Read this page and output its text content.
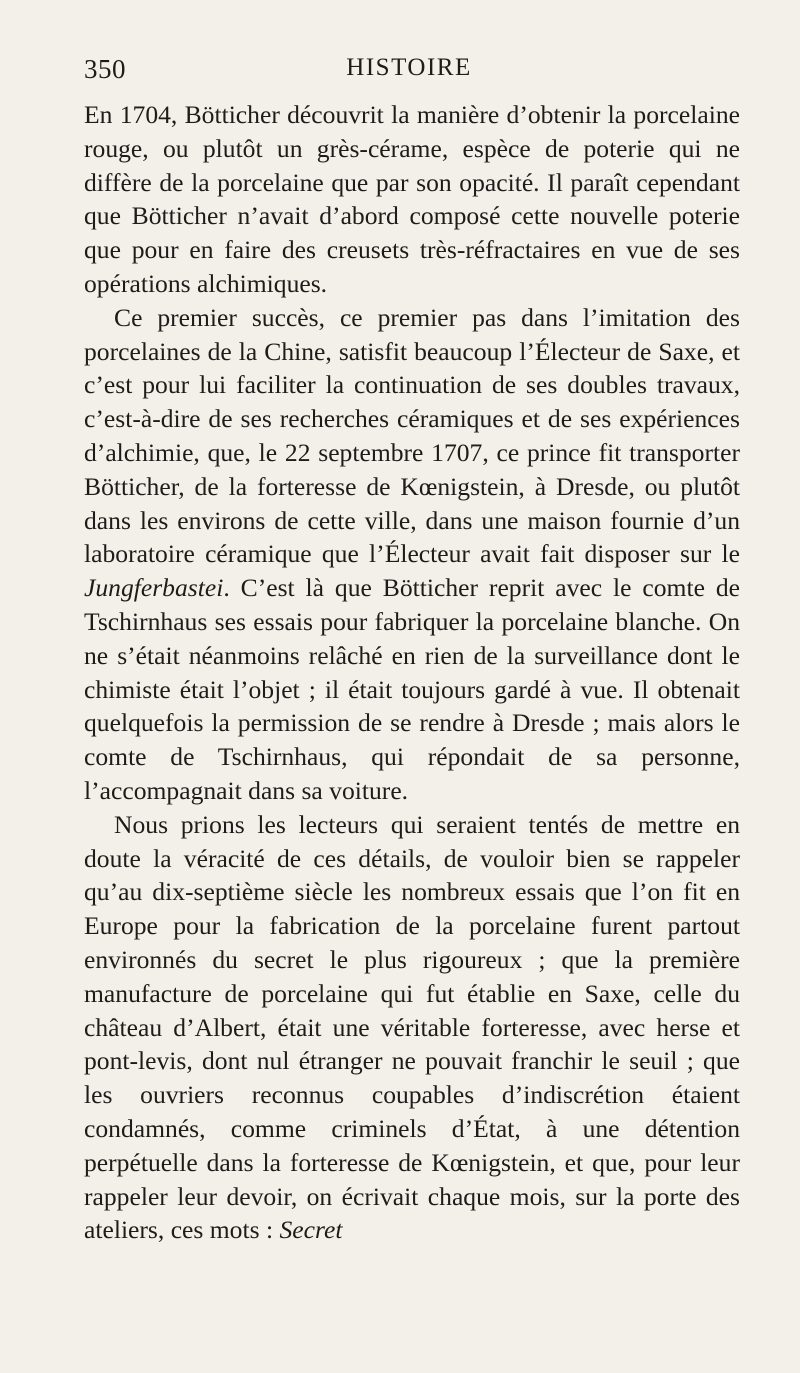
350	HISTOIRE

En 1704, Bötticher découvrit la manière d’obtenir la porcelaine rouge, ou plutôt un grès-cérame, espèce de poterie qui ne diffère de la porcelaine que par son opacité. Il paraît cependant que Bötticher n’avait d’abord composé cette nouvelle poterie que pour en faire des creusets très-réfractaires en vue de ses opérations alchimiques.

Ce premier succès, ce premier pas dans l’imitation des porcelaines de la Chine, satisfit beaucoup l’Électeur de Saxe, et c’est pour lui faciliter la continuation de ses doubles travaux, c’est-à-dire de ses recherches céramiques et de ses expériences d’alchimie, que, le 22 septembre 1707, ce prince fit transporter Bötticher, de la forteresse de Kœnigstein, à Dresde, ou plutôt dans les environs de cette ville, dans une maison fournie d’un laboratoire céramique que l’Électeur avait fait disposer sur le Jungferbastei. C’est là que Bötticher reprit avec le comte de Tschirnhaus ses essais pour fabriquer la porcelaine blanche. On ne s’était néanmoins relâché en rien de la surveillance dont le chimiste était l’objet ; il était toujours gardé à vue. Il obtenait quelquefois la permission de se rendre à Dresde ; mais alors le comte de Tschirnhaus, qui répondait de sa personne, l’accompagnait dans sa voiture.

Nous prions les lecteurs qui seraient tentés de mettre en doute la véracité de ces détails, de vouloir bien se rappeler qu’au dix-septième siècle les nombreux essais que l’on fit en Europe pour la fabrication de la porcelaine furent partout environnés du secret le plus rigoureux ; que la première manufacture de porcelaine qui fut établie en Saxe, celle du château d’Albert, était une véritable forteresse, avec herse et pont-levis, dont nul étranger ne pouvait franchir le seuil ; que les ouvriers reconnus coupables d’indiscrétion étaient condamnés, comme criminels d’État, à une détention perpétuelle dans la forteresse de Kœnigstein, et que, pour leur rappeler leur devoir, on écrivait chaque mois, sur la porte des ateliers, ces mots : Secret
